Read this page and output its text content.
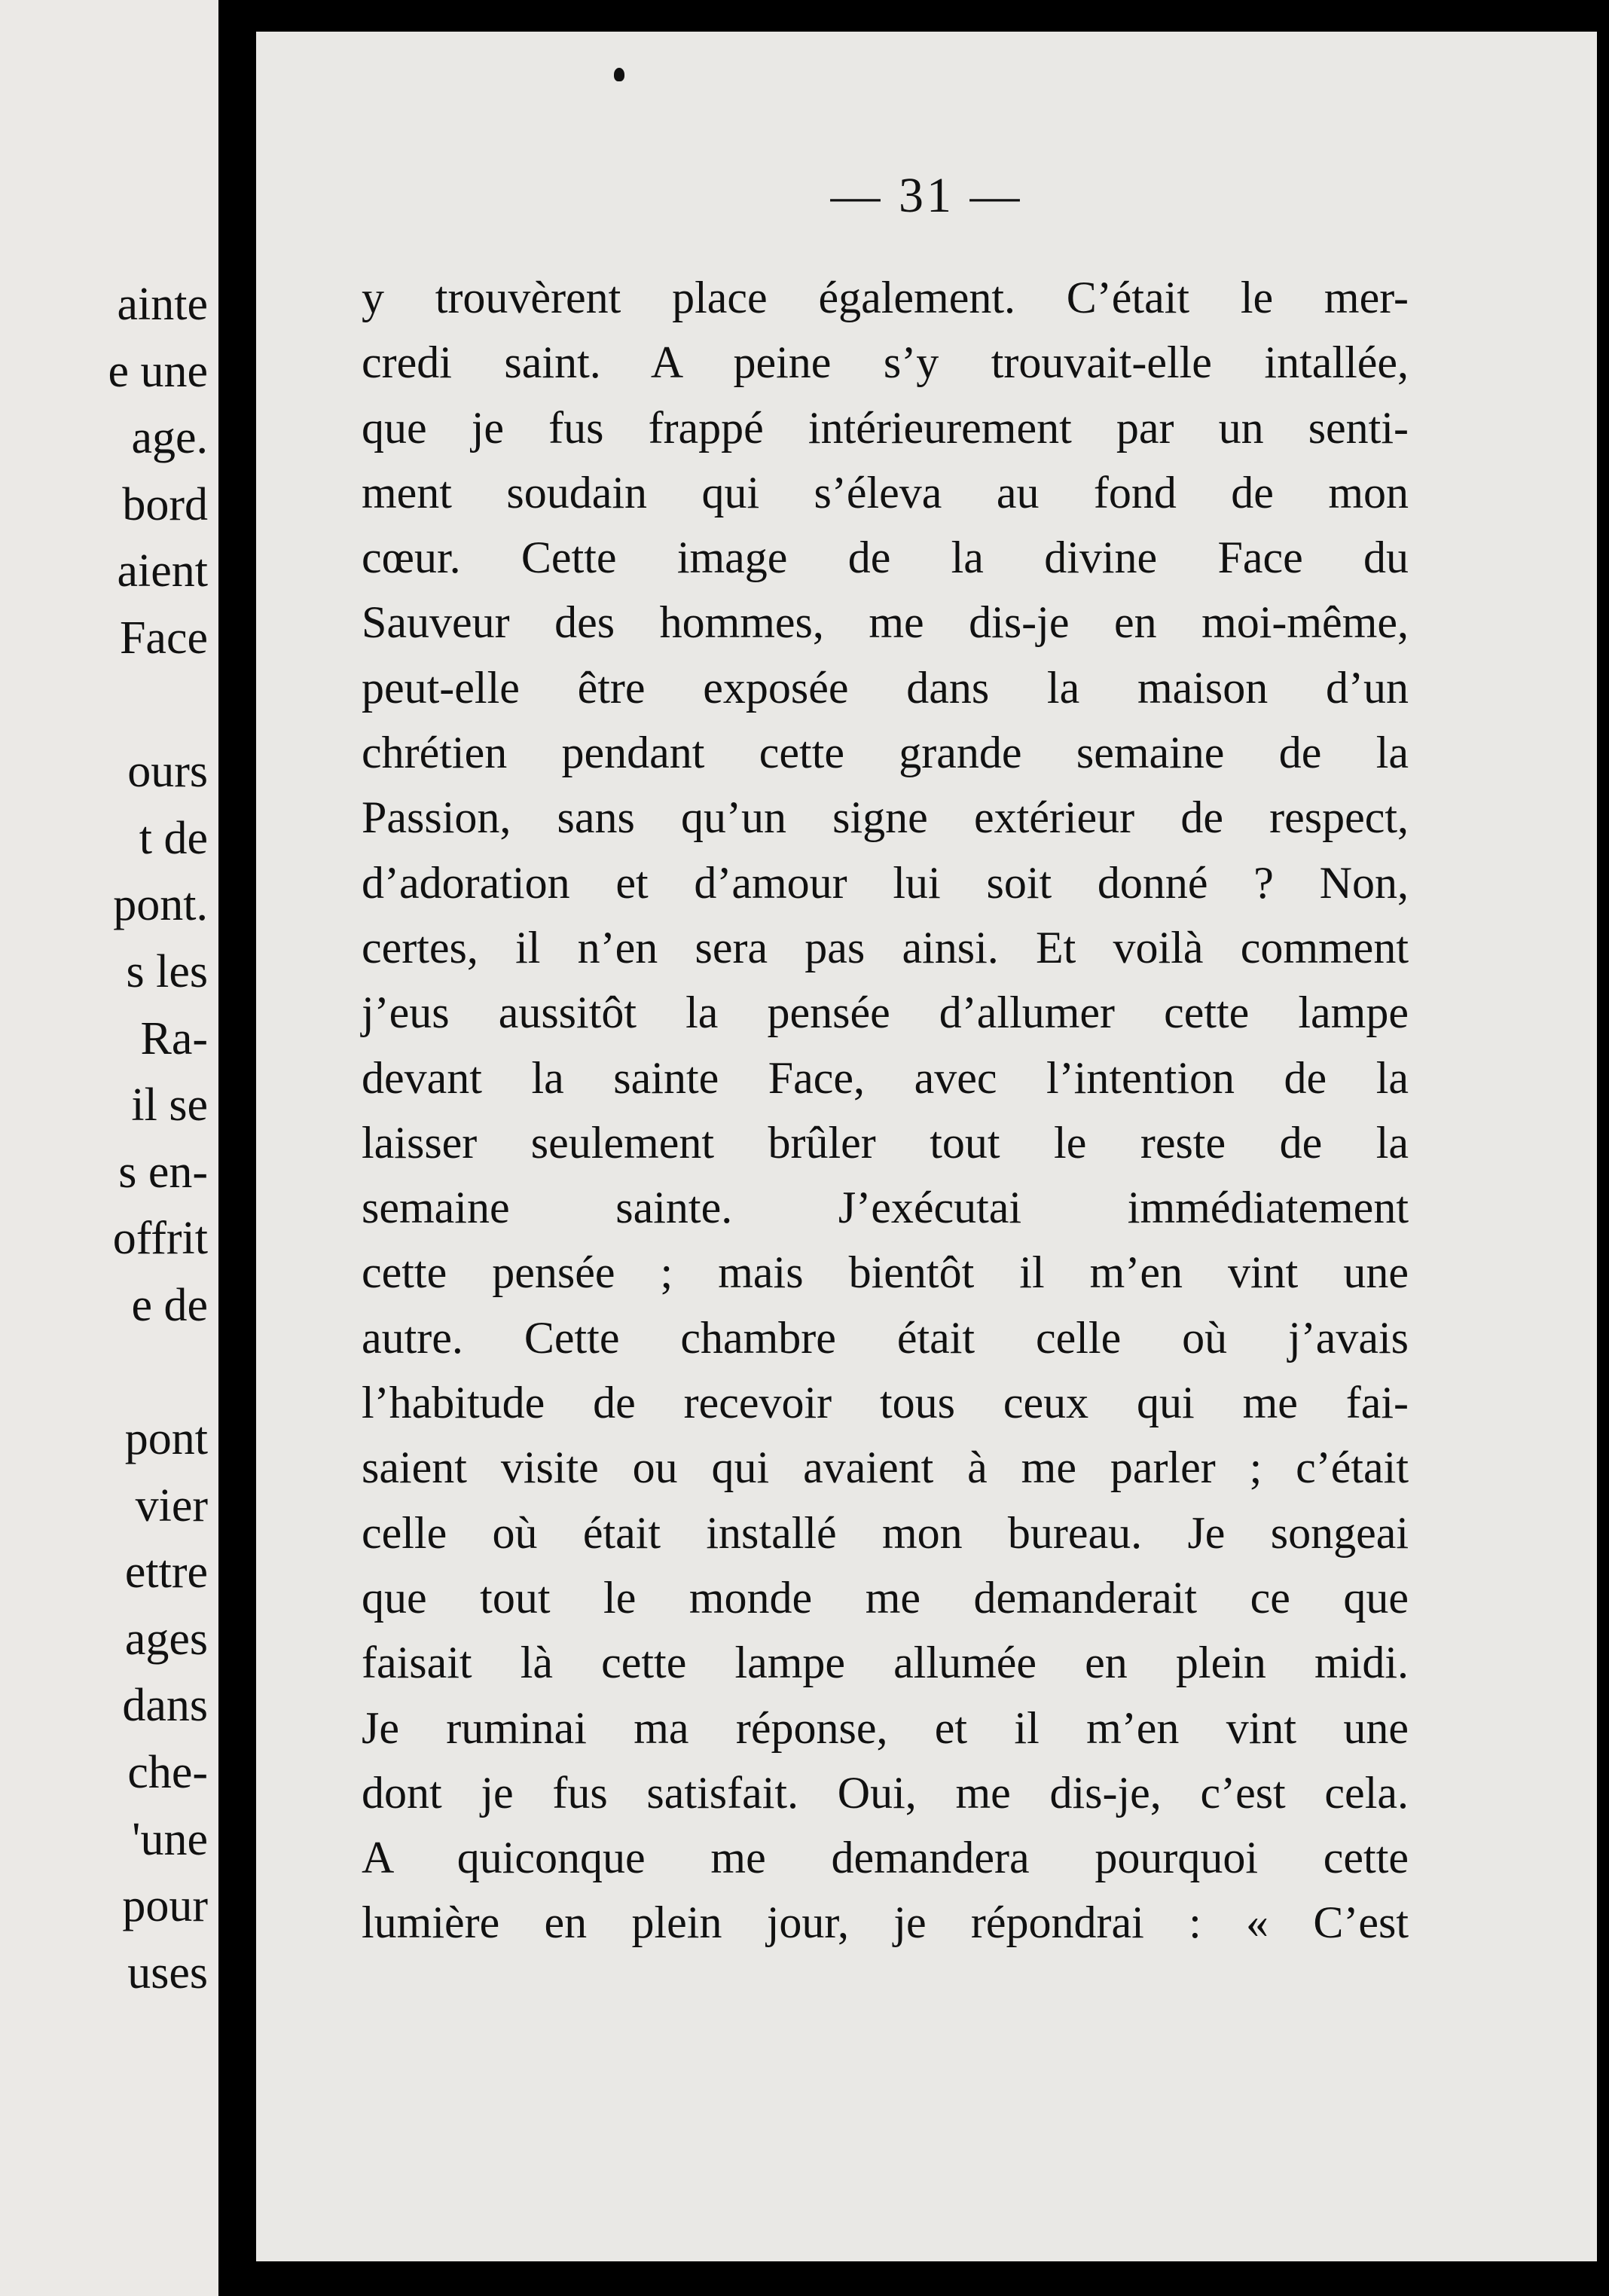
ainte
e une
age.
bord
aient
Face
ours
t de
pont.
s les
Ra-
il se
s en-
offrit
e de
pont
vier
ettre
ages
dans
che-
'une
pour
uses
— 31 —
y trouvèrent place également. C’était le mer-
credi saint. A peine s’y trouvait-elle intallée,
que je fus frappé intérieurement par un senti-
ment soudain qui s’éleva au fond de mon
cœur. Cette image de la divine Face du
Sauveur des hommes, me dis-je en moi-même,
peut-elle être exposée dans la maison d’un
chrétien pendant cette grande semaine de la
Passion, sans qu’un signe extérieur de respect,
d’adoration et d’amour lui soit donné ? Non,
certes, il n’en sera pas ainsi. Et voilà comment
j’eus aussitôt la pensée d’allumer cette lampe
devant la sainte Face, avec l’intention de la
laisser seulement brûler tout le reste de la
semaine sainte. J’exécutai immédiatement
cette pensée ; mais bientôt il m’en vint une
autre. Cette chambre était celle où j’avais
l’habitude de recevoir tous ceux qui me fai-
saient visite ou qui avaient à me parler ; c’était
celle où était installé mon bureau. Je songeai
que tout le monde me demanderait ce que
faisait là cette lampe allumée en plein midi.
Je ruminai ma réponse, et il m’en vint une
dont je fus satisfait. Oui, me dis-je, c’est cela.
A quiconque me demandera pourquoi cette
lumière en plein jour, je répondrai : « C’est
